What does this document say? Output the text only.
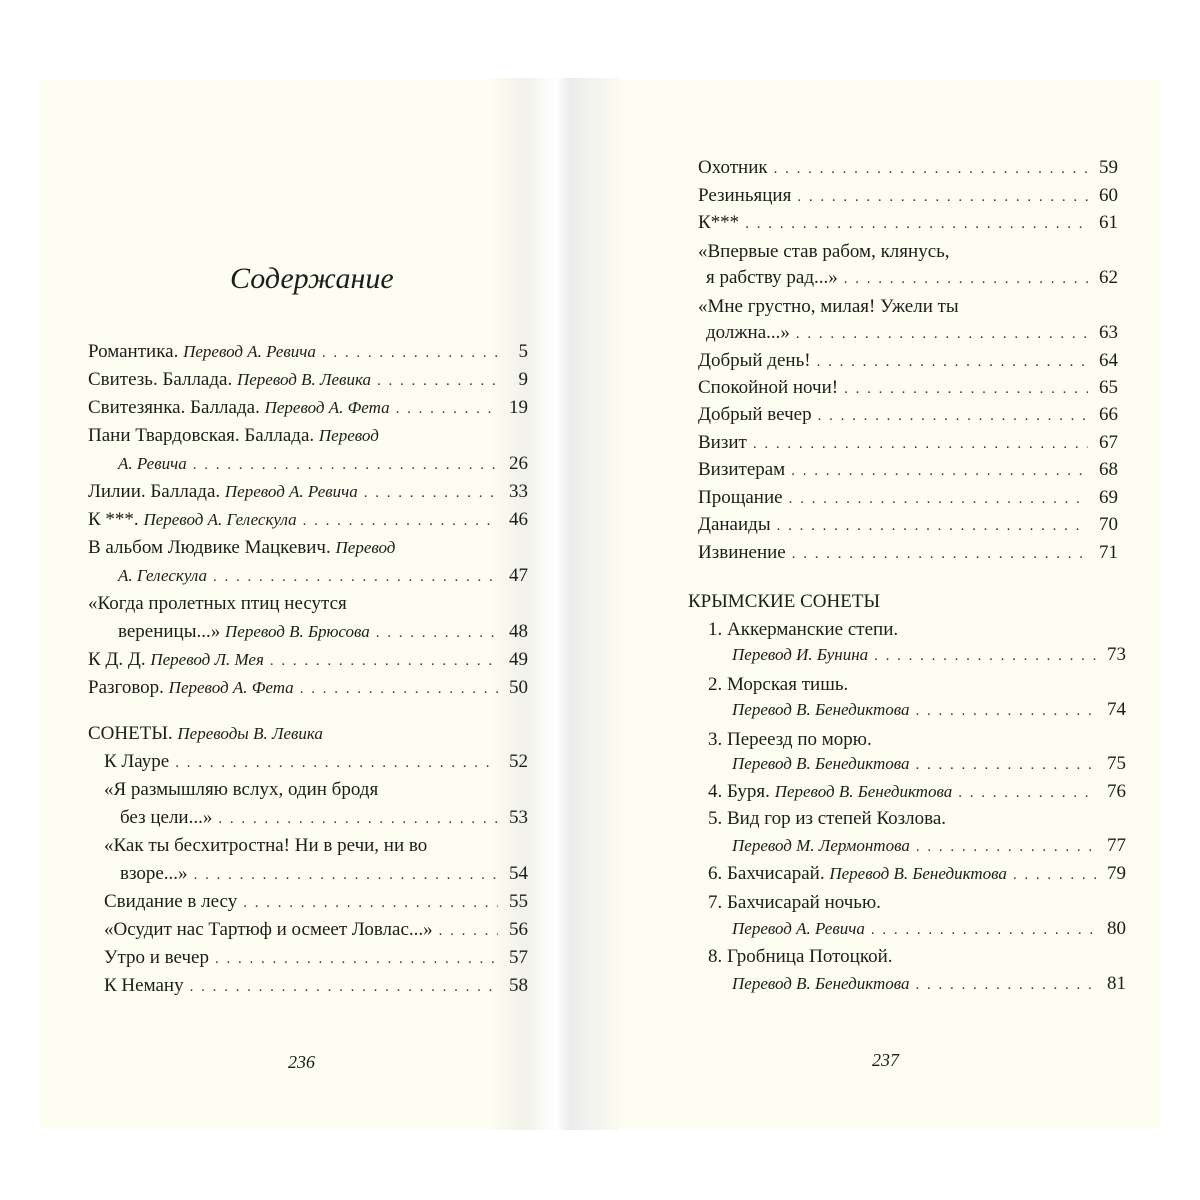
Содержание
Романтика. Перевод А. Ревича . . .	5
Свитезь. Баллада. Перевод В. Левика . . .	9
Свитезянка. Баллада. Перевод А. Фета . . .	19
Пани Твардовская. Баллада. Перевод
А. Ревича . . .	26
Лилии. Баллада. Перевод А. Ревича . . .	33
К ***. Перевод А. Гелескула . . .	46
В альбом Людвике Мацкевич. Перевод
А. Гелескула . . .	47
«Когда пролетных птиц несутся
вереницы...» Перевод В. Брюсова . . .	48
К Д. Д. Перевод Л. Мея . . .	49
Разговор. Перевод А. Фета . . .	50
СОНЕТЫ. Переводы В. Левика
К Лауре . . .	52
«Я размышляю вслух, один бродя
без цели...» . . .	53
«Как ты бесхитростна! Ни в речи, ни во
взоре...» . . .	54
Свидание в лесу . . .	55
«Осудит нас Тартюф и осмеет Ловлас...» . . .	56
Утро и вечер . . .	57
К Неману . . .	58
236
Охотник . . .	59
Резиньяция . . .	60
К*** . . .	61
«Впервые став рабом, клянусь,
я рабству рад...» . . .	62
«Мне грустно, милая! Ужели ты
должна...» . . .	63
Добрый день! . . .	64
Спокойной ночи! . . .	65
Добрый вечер . . .	66
Визит . . .	67
Визитерам . . .	68
Прощание . . .	69
Данаиды . . .	70
Извинение . . .	71
КРЫМСКИЕ СОНЕТЫ
1. Аккерманские степи.
Перевод И. Бунина . . .	73
2. Морская тишь.
Перевод В. Бенедиктова . . .	74
3. Переезд по морю.
Перевод В. Бенедиктова . . .	75
4. Буря. Перевод В. Бенедиктова . . .	76
5. Вид гор из степей Козлова.
Перевод М. Лермонтова . . .	77
6. Бахчисарай. Перевод В. Бенедиктова . . .	79
7. Бахчисарай ночью.
Перевод А. Ревича . . .	80
8. Гробница Потоцкой.
Перевод В. Бенедиктова . . .	81
237
